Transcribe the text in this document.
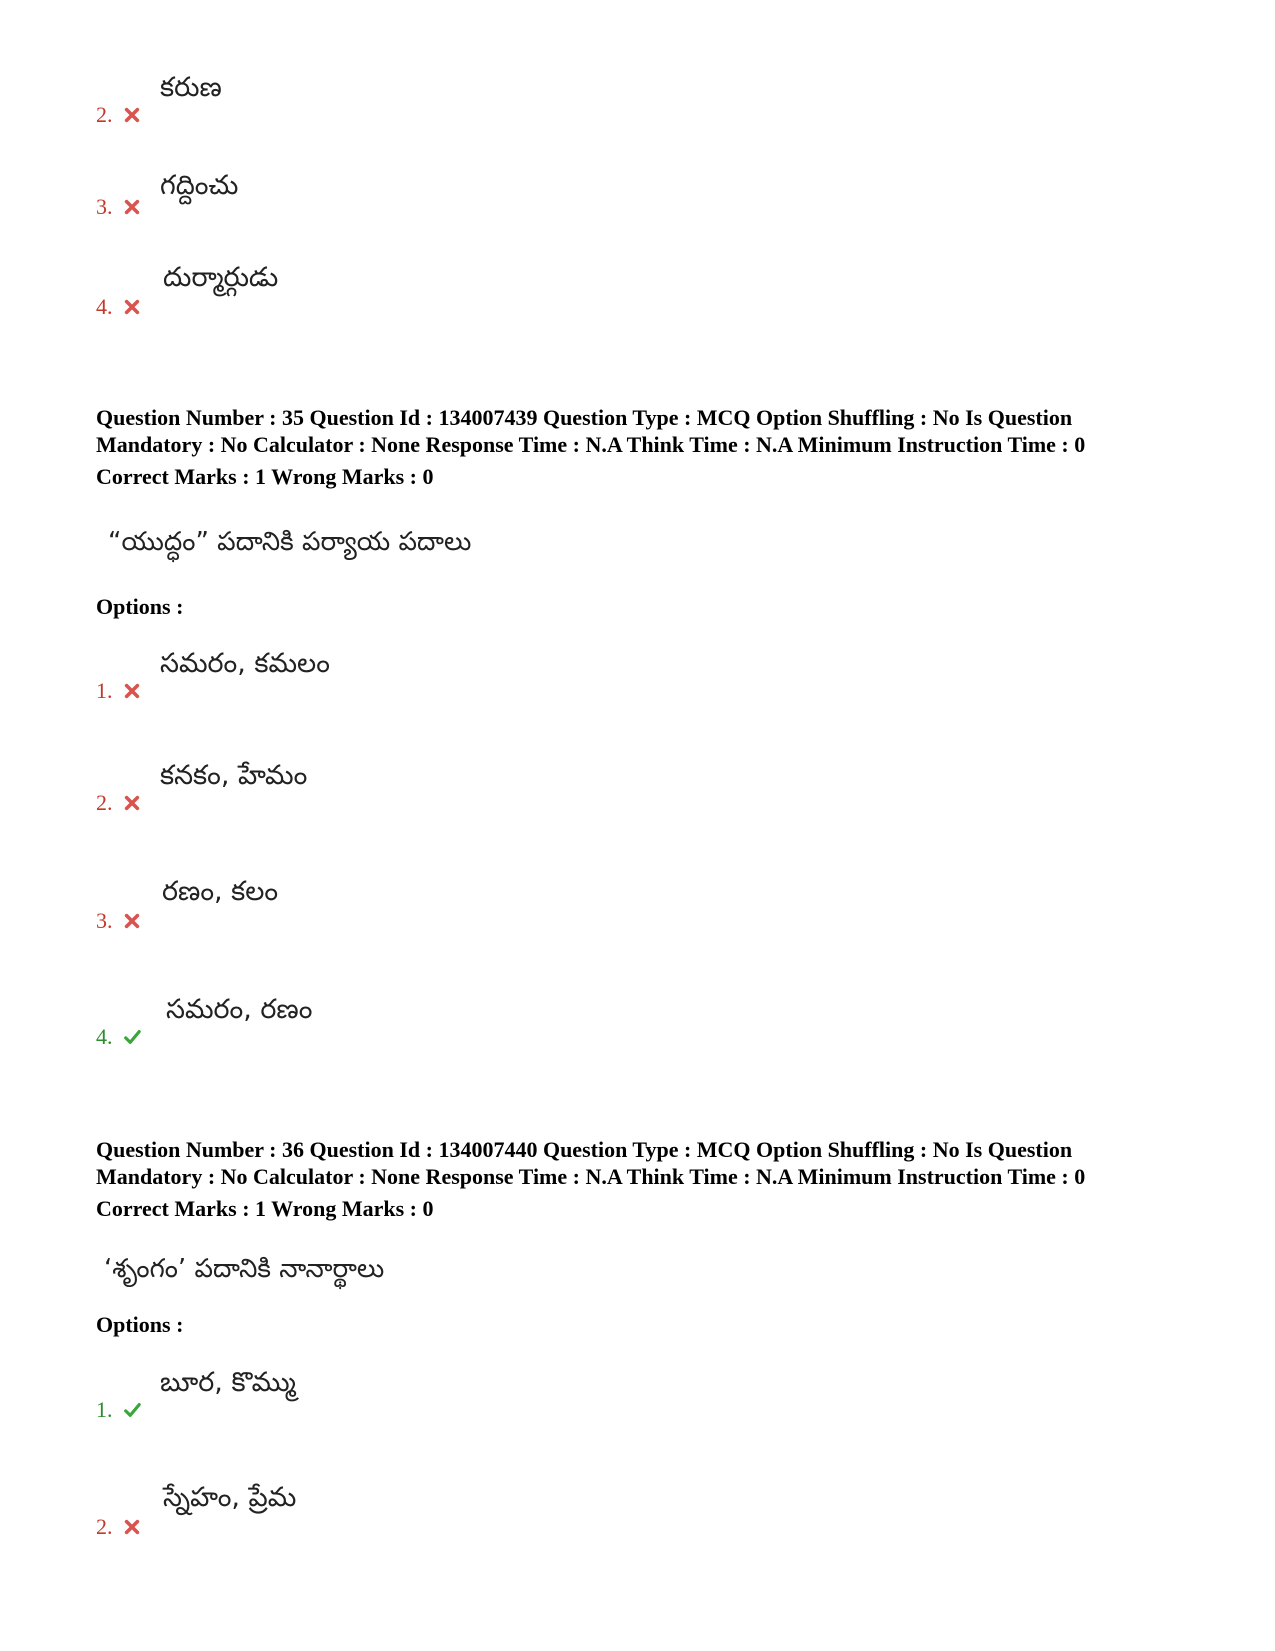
కరుణ
2.
గద్దించు
3.
దుర్మార్గుడు
4.
Question Number : 35 Question Id : 134007439 Question Type : MCQ Option Shuffling : No Is Question
Mandatory : No Calculator : None Response Time : N.A Think Time : N.A Minimum Instruction Time : 0
Correct Marks : 1 Wrong Marks : 0
“యుద్ధం” పదానికి పర్యాయ పదాలు
Options :
సమరం, కమలం
1.
కనకం, హేమం
2.
రణం, కలం
3.
సమరం, రణం
4.
Question Number : 36 Question Id : 134007440 Question Type : MCQ Option Shuffling : No Is Question
Mandatory : No Calculator : None Response Time : N.A Think Time : N.A Minimum Instruction Time : 0
Correct Marks : 1 Wrong Marks : 0
‘శృంగం’ పదానికి నానార్థాలు
Options :
బూర, కొమ్ము
1.
స్నేహం, ప్రేమ
2.
